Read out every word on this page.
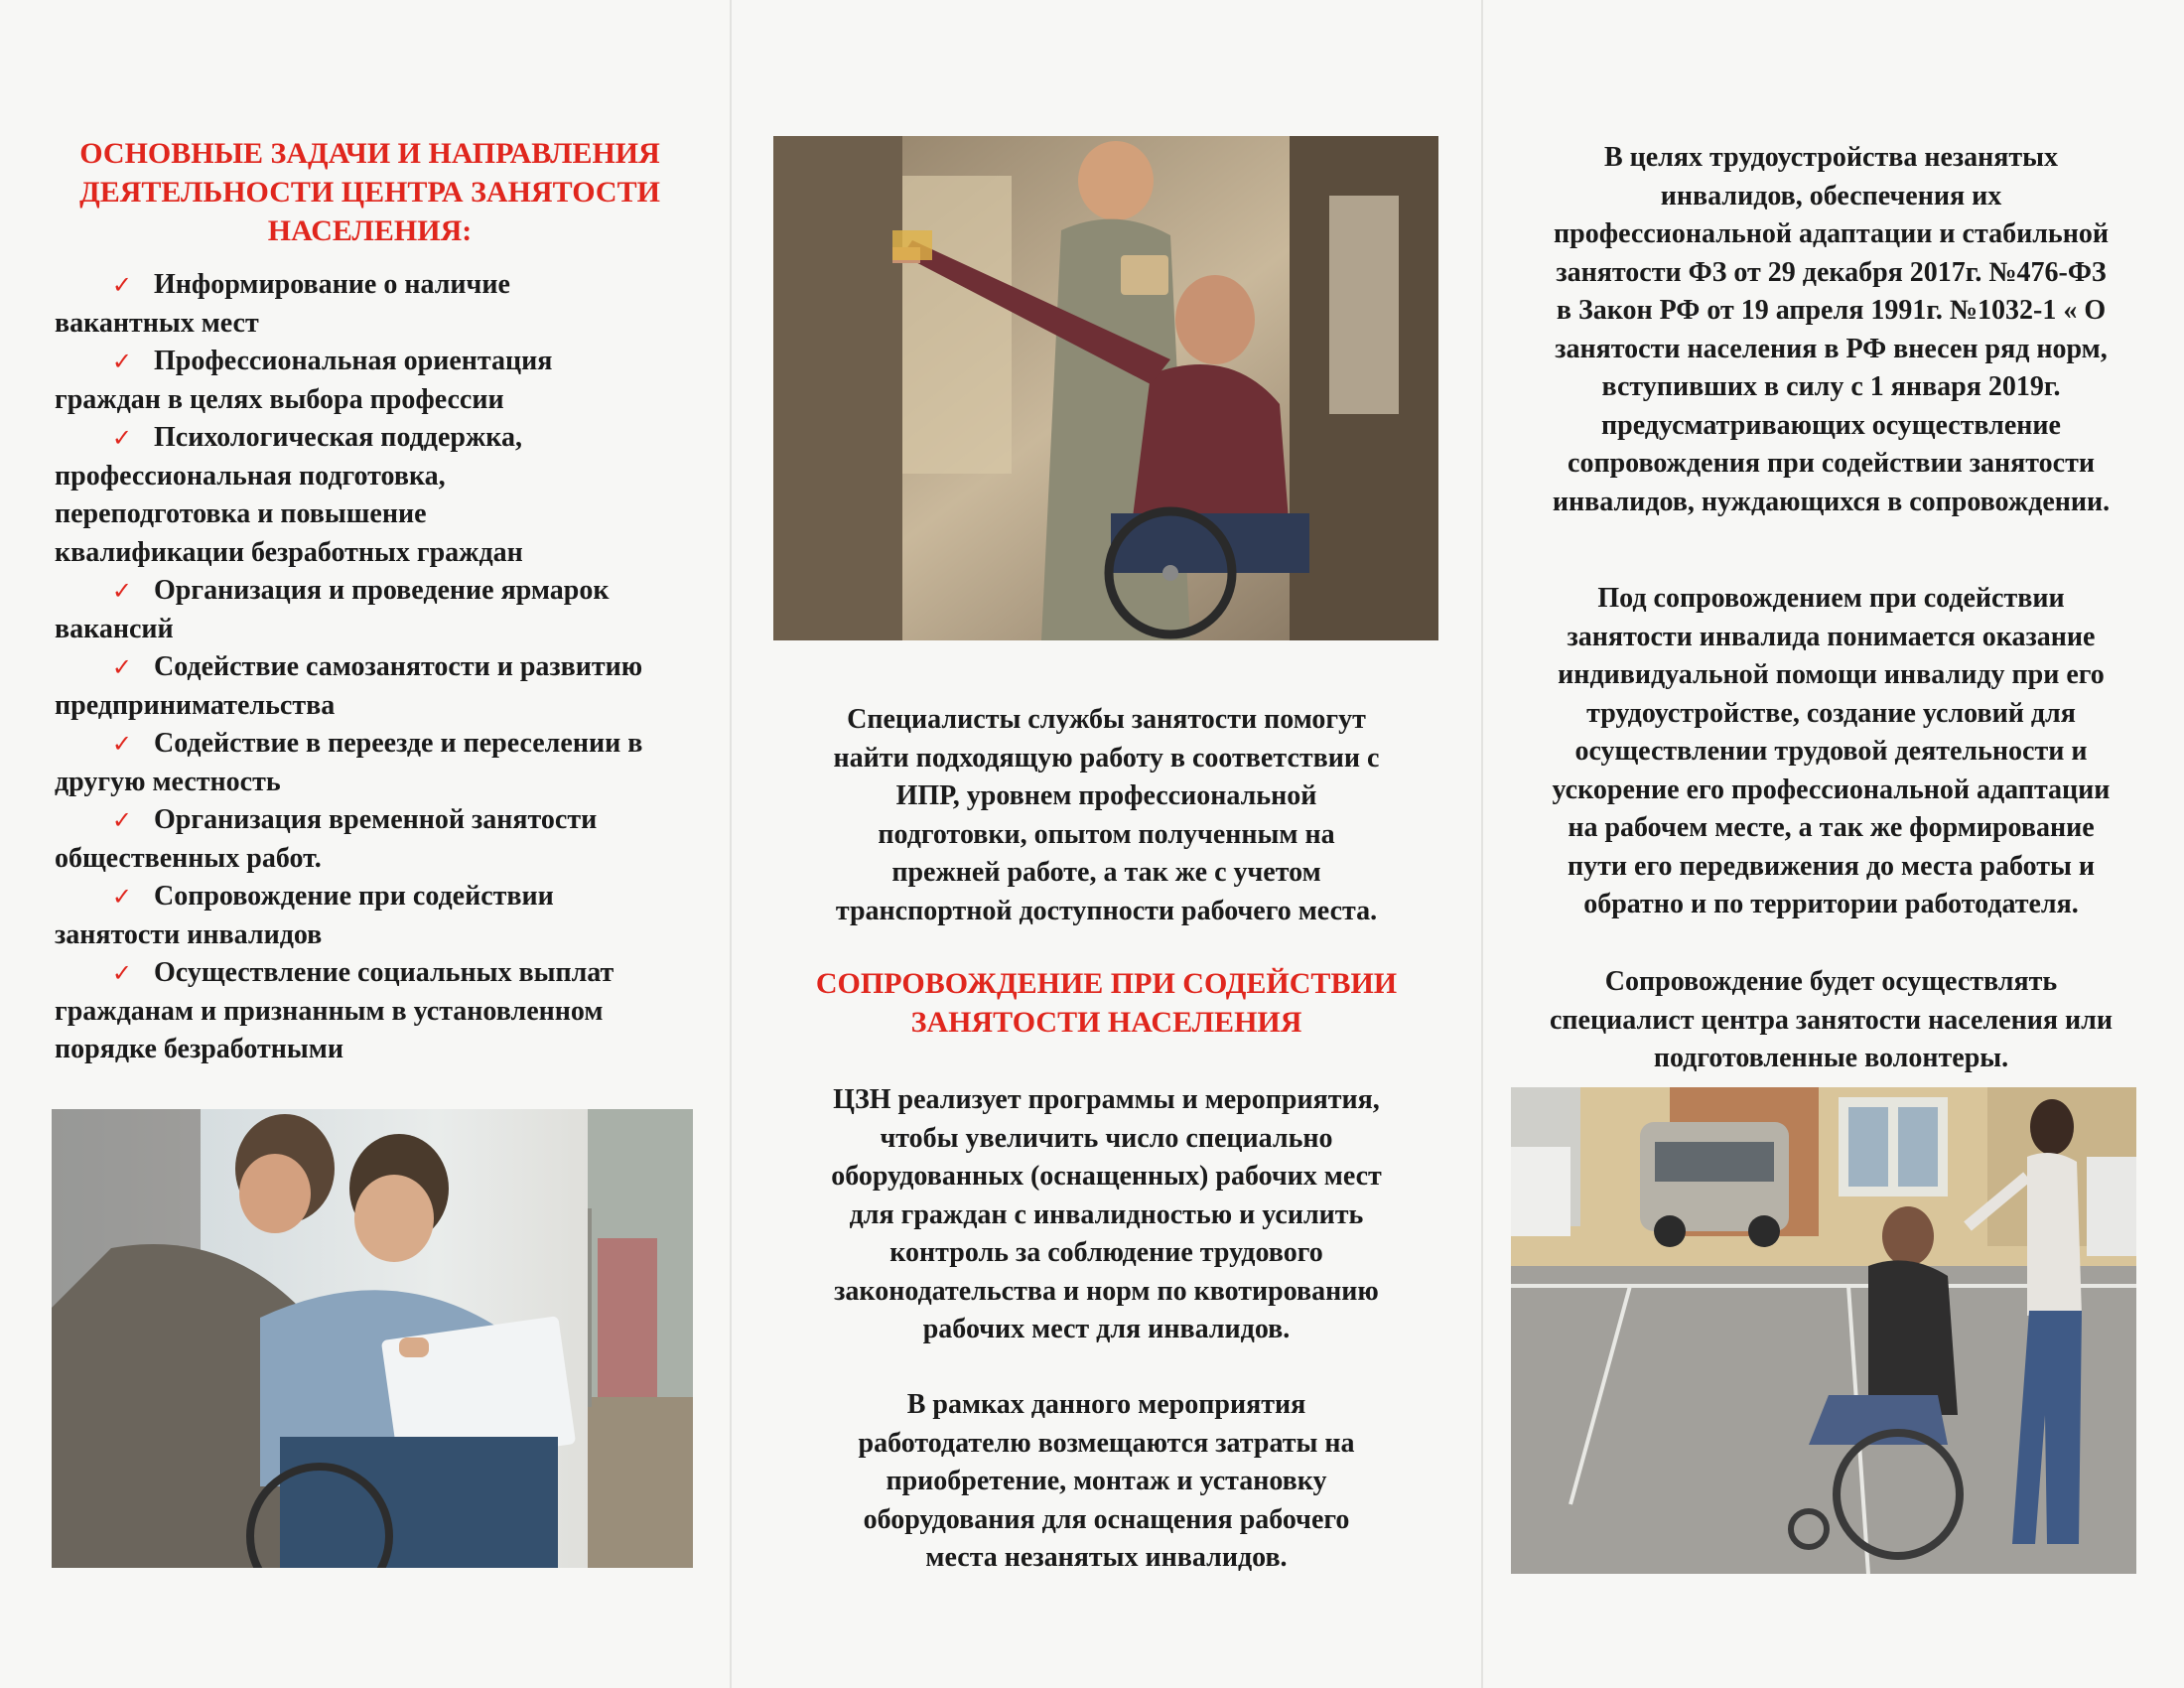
ОСНОВНЫЕ ЗАДАЧИ И НАПРАВЛЕНИЯ
ДЕЯТЕЛЬНОСТИ ЦЕНТРА ЗАНЯТОСТИ
НАСЕЛЕНИЯ:
✓ Информирование о наличие
вакантных мест
✓ Профессиональная ориентация
граждан в целях выбора профессии
✓ Психологическая поддержка,
профессиональная подготовка,
переподготовка и повышение
квалификации безработных граждан
✓ Организация и проведение ярмарок
вакансий
✓ Содействие самозанятости и развитию
предпринимательства
✓ Содействие в переезде и переселении в
другую местность
✓ Организация временной занятости
общественных работ.
✓ Сопровождение при содействии
занятости инвалидов
✓ Осуществление социальных выплат
гражданам и признанным в установленном
порядке безработными
Специалисты службы занятости помогут
найти подходящую работу в соответствии с
ИПР, уровнем профессиональной
подготовки, опытом полученным на
прежней работе, а так же с учетом
транспортной доступности рабочего места.
СОПРОВОЖДЕНИЕ ПРИ СОДЕЙСТВИИ
ЗАНЯТОСТИ НАСЕЛЕНИЯ
ЦЗН реализует программы и мероприятия,
чтобы увеличить число специально
оборудованных (оснащенных) рабочих мест
для граждан с инвалидностью и усилить
контроль за соблюдение трудового
законодательства и норм по квотированию
рабочих мест для инвалидов.
В рамках данного мероприятия
работодателю возмещаются затраты на
приобретение, монтаж и установку
оборудования для оснащения рабочего
места незанятых инвалидов.
В целях трудоустройства незанятых
инвалидов, обеспечения их
профессиональной адаптации и стабильной
занятости ФЗ от 29 декабря 2017г. №476-ФЗ
в Закон РФ от 19 апреля 1991г. №1032-1 « О
занятости населения в РФ внесен ряд норм,
вступивших в силу с 1 января 2019г.
предусматривающих осуществление
сопровождения при содействии занятости
инвалидов, нуждающихся в сопровождении.
Под сопровождением при содействии
занятости инвалида понимается оказание
индивидуальной помощи инвалиду при его
трудоустройстве, создание условий для
осуществлении трудовой деятельности и
ускорение его профессиональной адаптации
на рабочем месте, а так же формирование
пути его передвижения до места работы и
обратно и по территории работодателя.
Сопровождение будет осуществлять
специалист центра занятости населения или
подготовленные волонтеры.
